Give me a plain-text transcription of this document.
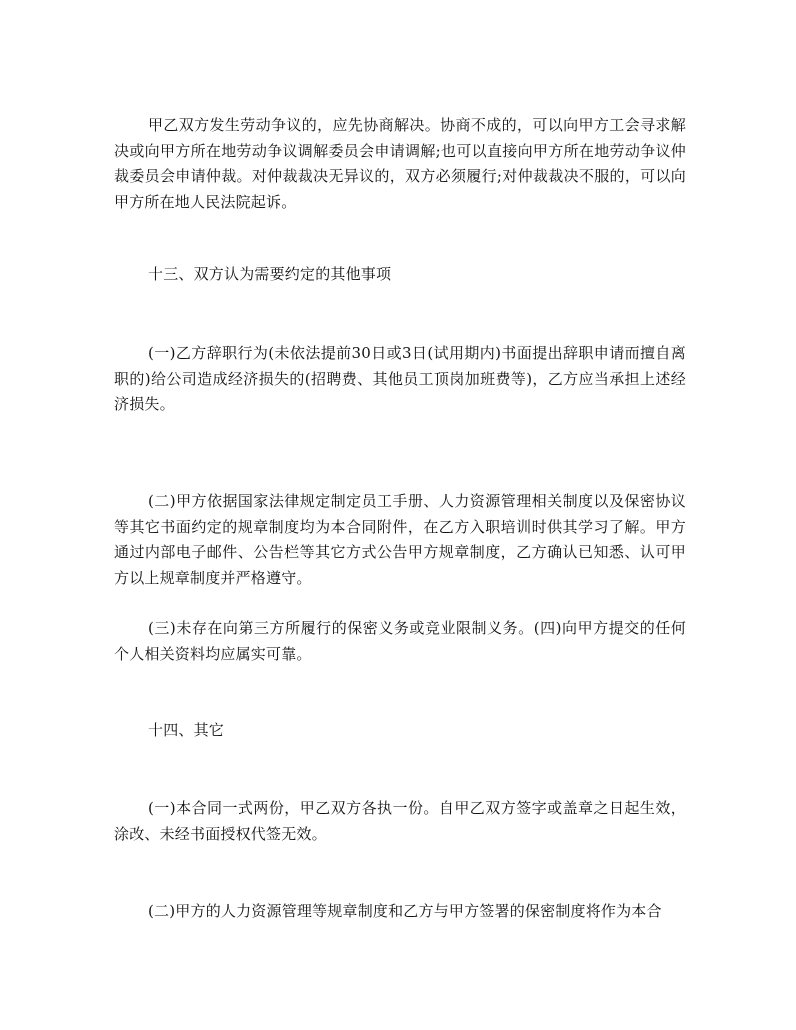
甲乙双方发生劳动争议的，应先协商解决。协商不成的，可以向甲方工会寻求解决或向甲方所在地劳动争议调解委员会申请调解;也可以直接向甲方所在地劳动争议仲裁委员会申请仲裁。对仲裁裁决无异议的，双方必须履行;对仲裁裁决不服的，可以向甲方所在地人民法院起诉。

十三、双方认为需要约定的其他事项

(一)乙方辞职行为(未依法提前30日或3日(试用期内)书面提出辞职申请而擅自离职的)给公司造成经济损失的(招聘费、其他员工顶岗加班费等)，乙方应当承担上述经济损失。

(二)甲方依据国家法律规定制定员工手册、人力资源管理相关制度以及保密协议等其它书面约定的规章制度均为本合同附件，在乙方入职培训时供其学习了解。甲方通过内部电子邮件、公告栏等其它方式公告甲方规章制度，乙方确认已知悉、认可甲方以上规章制度并严格遵守。

(三)未存在向第三方所履行的保密义务或竞业限制义务。(四)向甲方提交的任何个人相关资料均应属实可靠。

十四、其它

(一)本合同一式两份，甲乙双方各执一份。自甲乙双方签字或盖章之日起生效，涂改、未经书面授权代签无效。

(二)甲方的人力资源管理等规章制度和乙方与甲方签署的保密制度将作为本合
